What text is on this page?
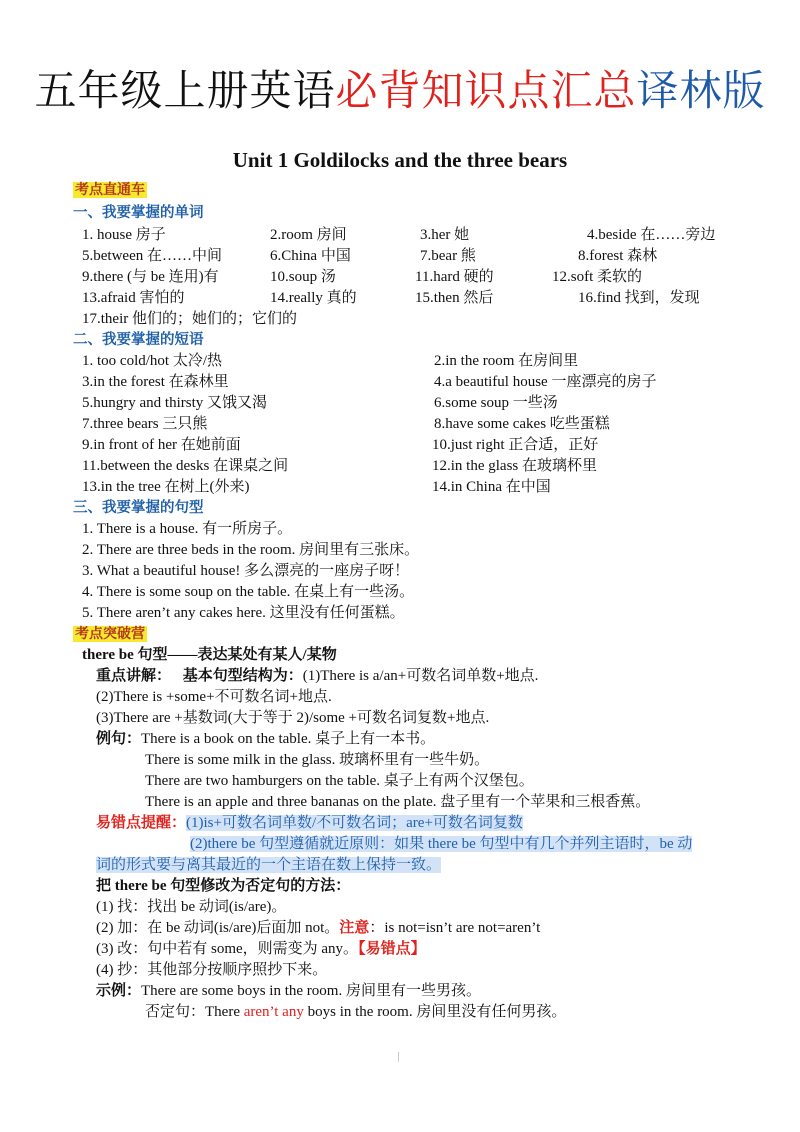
五年级上册英语必背知识点汇总译林版
Unit 1 Goldilocks and the three bears
考点直通车
一、我要掌握的单词
1. house 房子	2.room 房间	3.her 她	4.beside 在……旁边
5.between 在……中间	6.China 中国	7.bear 熊	8.forest 森林
9.there (与 be 连用)有	10.soup 汤	11.hard 硬的	12.soft 柔软的
13.afraid 害怕的	14.really 真的	15.then 然后	16.find 找到，发现
17.their 他们的；她们的；它们的
二、我要掌握的短语
1. too cold/hot 太冷/热	2.in the room 在房间里
3.in the forest 在森林里	4.a beautiful house 一座漂亮的房子
5.hungry and thirsty 又饿又渴	6.some soup 一些汤
7.three bears 三只熊	8.have some cakes 吃些蛋糕
9.in front of her 在她前面	10.just right 正合适，正好
11.between the desks 在课桌之间	12.in the glass 在玻璃杯里
13.in the tree 在树上(外来)	14.in China 在中国
三、我要掌握的句型
1. There is a house. 有一所房子。
2. There are three beds in the room. 房间里有三张床。
3. What a beautiful house! 多么漂亮的一座房子呀！
4. There is some soup on the table. 在桌上有一些汤。
5. There aren’t any cakes here. 这里没有任何蛋糕。
考点突破营
there be 句型——表达某处有某人/某物
重点讲解： 基本句型结构为：(1)There is a/an+可数名词单数+地点.
(2)There is +some+不可数名词+地点.
(3)There are +基数词(大于等于 2)/some +可数名词复数+地点.
例句：There is a book on the table. 桌子上有一本书。
There is some milk in the glass. 玻璃杯里有一些牛奶。
There are two hamburgers on the table. 桌子上有两个汉堡包。
There is an apple and three bananas on the plate. 盘子里有一个苹果和三根香蕉。
易错点提醒：(1)is+可数名词单数/不可数名词；are+可数名词复数
(2)there be 句型遵循就近原则：如果 there be 句型中有几个并列主语时，be 动
词的形式要与离其最近的一个主语在数上保持一致。
把 there be 句型修改为否定句的方法：
(1) 找：找出 be 动词(is/are)。
(2) 加：在 be 动词(is/are)后面加 not。注意：is not=isn’t are not=aren’t
(3) 改：句中若有 some，则需变为 any。【易错点】
(4) 抄：其他部分按顺序照抄下来。
示例：There are some boys in the room. 房间里有一些男孩。
否定句：There aren’t any boys in the room. 房间里没有任何男孩。
